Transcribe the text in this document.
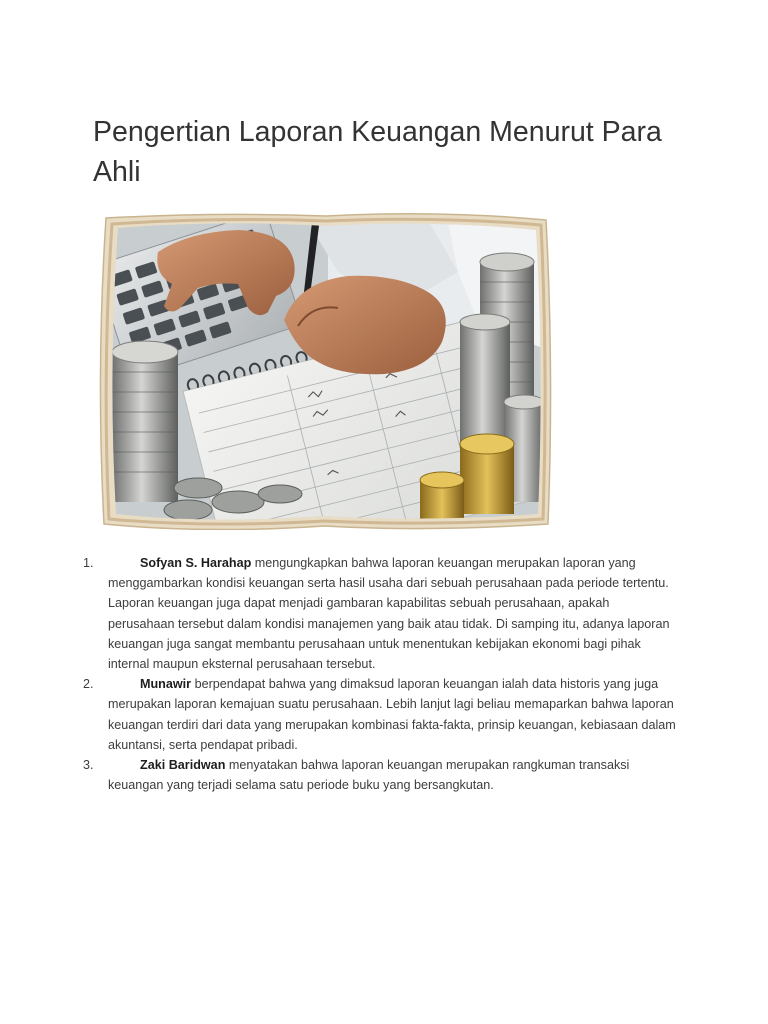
Pengertian Laporan Keuangan Menurut Para Ahli
1.	Sofyan S. Harahap mengungkapkan bahwa laporan keuangan merupakan laporan yang menggambarkan kondisi keuangan serta hasil usaha dari sebuah perusahaan pada periode tertentu. Laporan keuangan juga dapat menjadi gambaran kapabilitas sebuah perusahaan, apakah perusahaan tersebut dalam kondisi manajemen yang baik atau tidak. Di samping itu, adanya laporan keuangan juga sangat membantu perusahaan untuk menentukan kebijakan ekonomi bagi pihak internal maupun eksternal perusahaan tersebut.
2.	Munawir berpendapat bahwa yang dimaksud laporan keuangan ialah data historis yang juga merupakan laporan kemajuan suatu perusahaan. Lebih lanjut lagi beliau memaparkan bahwa laporan keuangan terdiri dari data yang merupakan kombinasi fakta-fakta, prinsip keuangan, kebiasaan dalam akuntansi, serta pendapat pribadi.
3.	Zaki Baridwan menyatakan bahwa laporan keuangan merupakan rangkuman transaksi keuangan yang terjadi selama satu periode buku yang bersangkutan.
